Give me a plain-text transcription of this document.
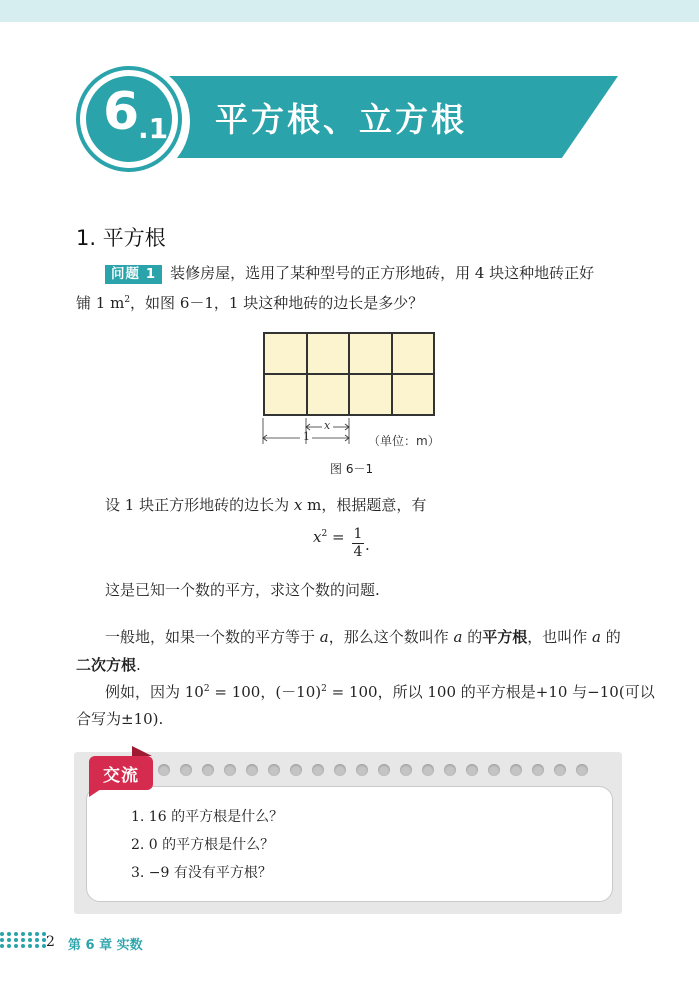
平方根、立方根
6
.1
1. 平方根
问题 1 装修房屋，选用了某种型号的正方形地砖，用 4 块这种地砖正好
铺 1 $m^2$，如图 6－1，1 块这种地砖的边长是多少？
x
1	（单位：m）
图 6－1
设 1 块正方形地砖的边长为 x m，根据题意，有
$x^2 = \frac{1}{4}$ .
这是已知一个数的平方，求这个数的问题.
一般地，如果一个数的平方等于 a，那么这个数叫作 a 的平方根，也叫作 a 的
二次方根.
例如，因为 $10^2 = 100$，$(-10)^2 = 100$，所以 100 的平方根是+10 与−10(可以
合写为±10).
交流
1. 16 的平方根是什么？
2. 0 的平方根是什么？
3. −9 有没有平方根？
2 第 6 章 实数
